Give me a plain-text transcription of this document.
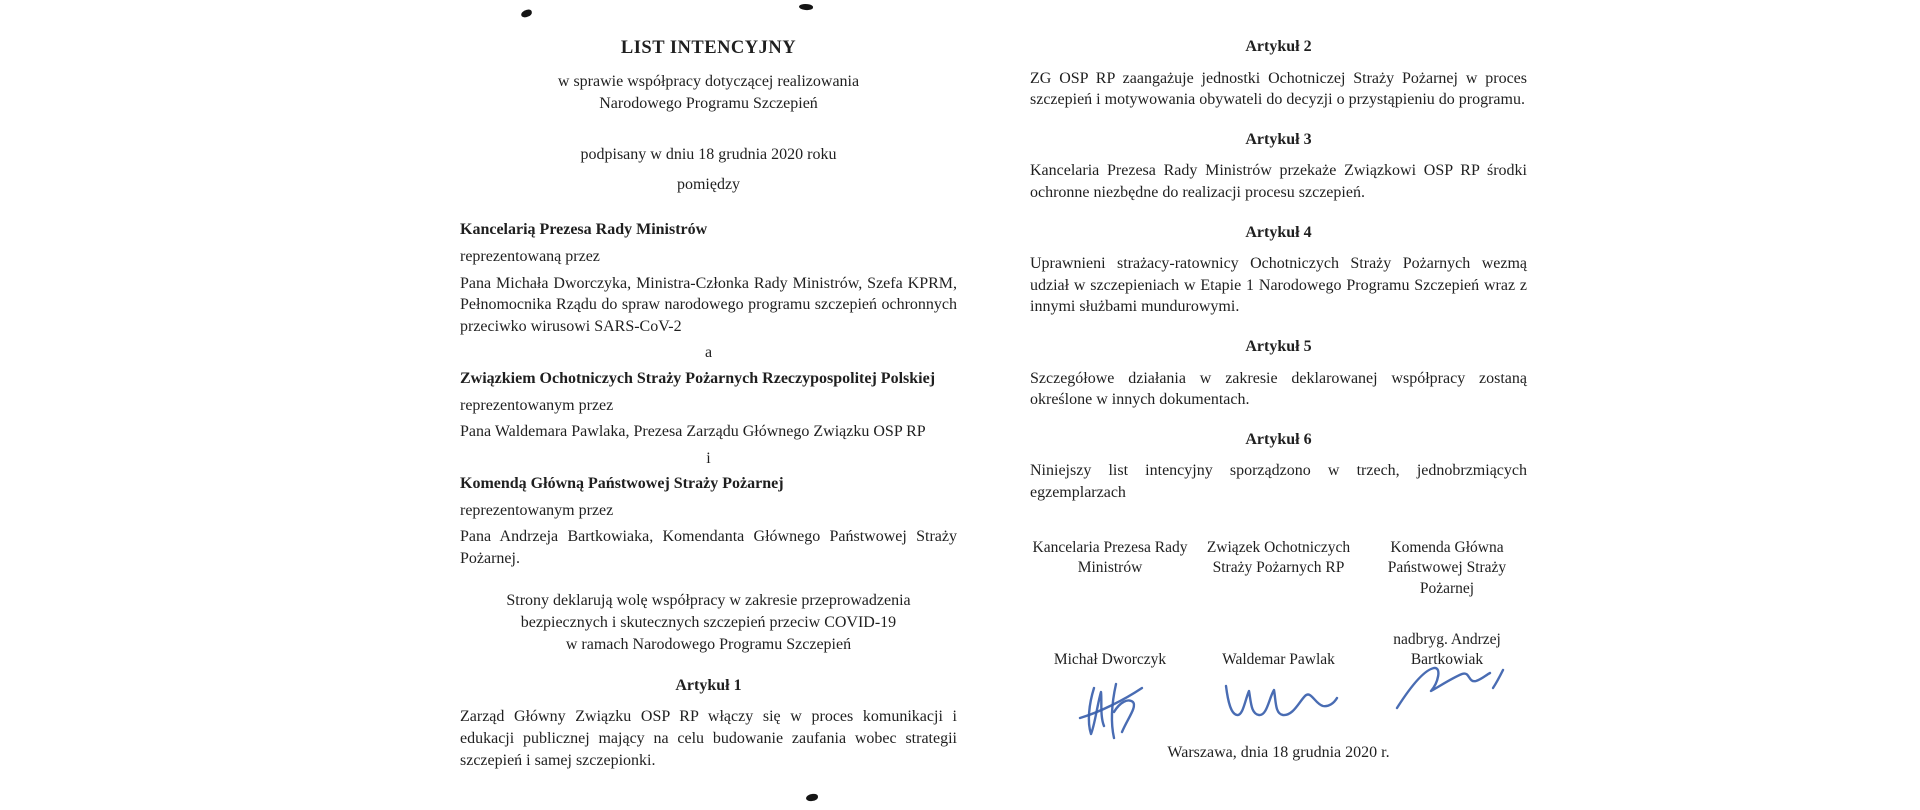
LIST INTENCYJNY
w sprawie współpracy dotyczącej realizowania
Narodowego Programu Szczepień
podpisany w dniu 18 grudnia 2020 roku
pomiędzy
Kancelarią Prezesa Rady Ministrów
reprezentowaną przez

Pana Michała Dworczyka, Ministra-Członka Rady Ministrów, Szefa KPRM, Pełnomocnika Rządu do spraw narodowego programu szczepień ochronnych przeciwko wirusowi SARS-CoV-2

a
Związkiem Ochotniczych Straży Pożarnych Rzeczypospolitej Polskiej
reprezentowanym przez

Pana Waldemara Pawlaka, Prezesa Zarządu Głównego Związku OSP RP

i
Komendą Główną Państwowej Straży Pożarnej
reprezentowanym przez

Pana Andrzeja Bartkowiaka, Komendanta Głównego Państwowej Straży Pożarnej.

Strony deklarują wolę współpracy w zakresie przeprowadzenia
bezpiecznych i skutecznych szczepień przeciw COVID-19
w ramach Narodowego Programu Szczepień
Artykuł 1

Zarząd Główny Związku OSP RP włączy się w proces komunikacji i edukacji publicznej mający na celu budowanie zaufania wobec strategii szczepień i samej szczepionki.

Artykuł 2

ZG OSP RP zaangażuje jednostki Ochotniczej Straży Pożarnej w proces szczepień i motywowania obywateli do decyzji o przystąpieniu do programu.

Artykuł 3

Kancelaria Prezesa Rady Ministrów przekaże Związkowi OSP RP środki ochronne niezbędne do realizacji procesu szczepień.

Artykuł 4

Uprawnieni strażacy-ratownicy Ochotniczych Straży Pożarnych wezmą udział w szczepieniach w Etapie 1 Narodowego Programu Szczepień wraz z innymi służbami mundurowymi.

Artykuł 5

Szczegółowe działania w zakresie deklarowanej współpracy zostaną określone w innych dokumentach.

Artykuł 6

Niniejszy list intencyjny sporządzono w trzech, jednobrzmiących egzemplarzach

Kancelaria Prezesa Rady Ministrów
Związek Ochotniczych Straży Pożarnych RP
Komenda Główna Państwowej Straży Pożarnej
Michał Dworczyk	Waldemar Pawlak
nadbryg. Andrzej Bartkowiak
Warszawa, dnia 18 grudnia 2020 r.
